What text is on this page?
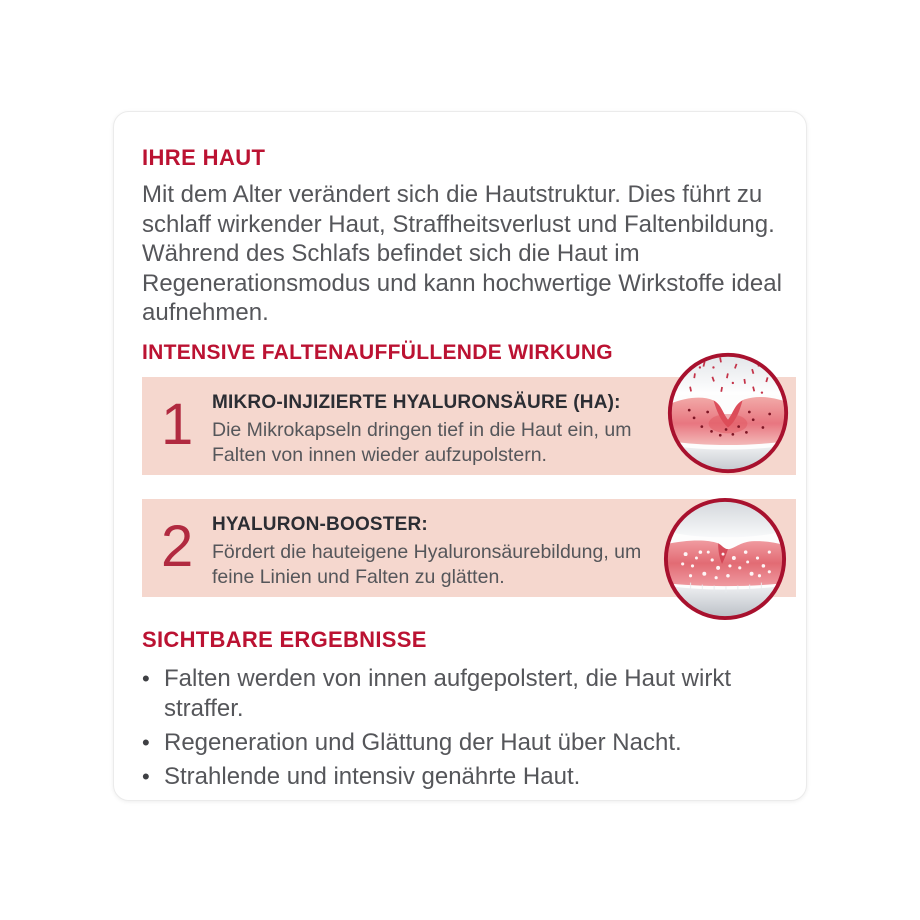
IHRE HAUT

Mit dem Alter verändert sich die Hautstruktur. Dies führt zu schlaff wirkender Haut, Straffheitsverlust und Faltenbildung. Während des Schlafs befindet sich die Haut im Regenerationsmodus und kann hochwertige Wirkstoffe ideal aufnehmen.

INTENSIVE FALTENAUFFÜLLENDE WIRKUNG
1 MIKRO-INJIZIERTE HYALURONSÄURE (HA):
Die Mikrokapseln dringen tief in die Haut ein, um Falten von innen wieder aufzupolstern.
2 HYALURON-BOOSTER:
Fördert die hauteigene Hyaluronsäurebildung, um feine Linien und Falten zu glätten.
SICHTBARE ERGEBNISSE
• Falten werden von innen aufgepolstert, die Haut wirkt straffer.
• Regeneration und Glättung der Haut über Nacht.
• Strahlende und intensiv genährte Haut.
